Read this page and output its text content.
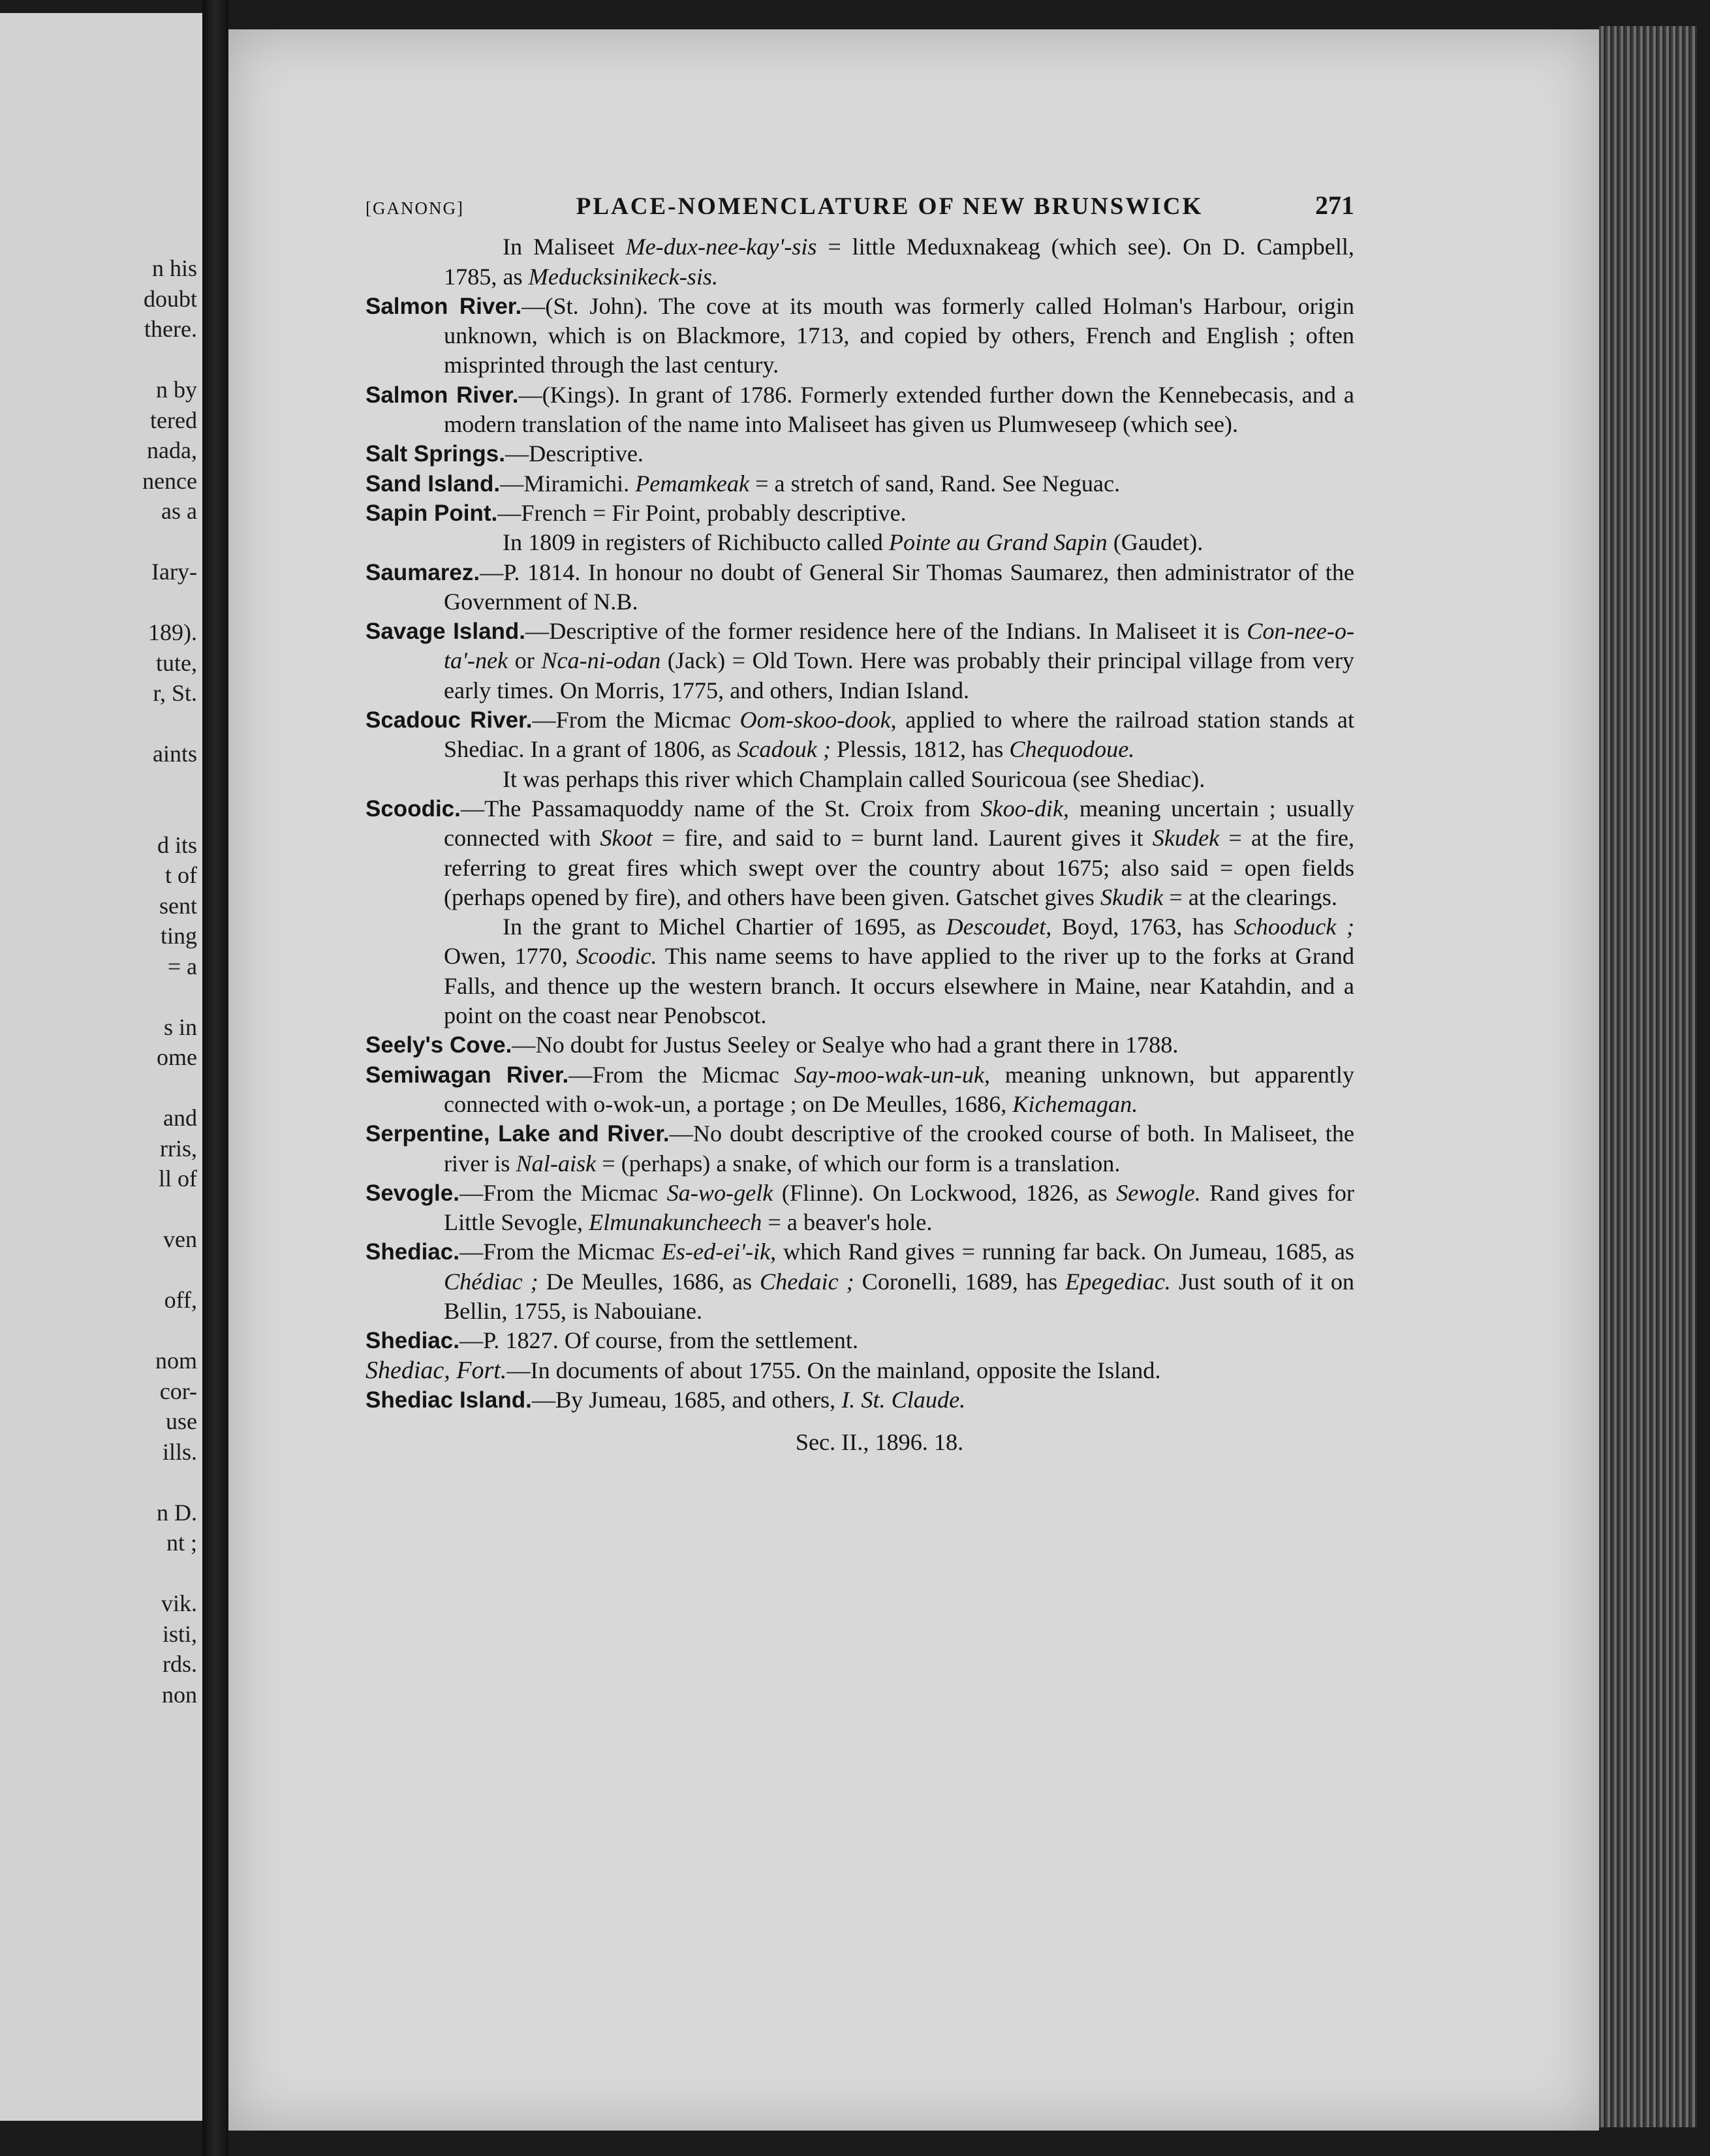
n his
doubt
there.
n by
tered
nada,
nence
as a
Iary-
189).
tute,
r, St.
aints
d its
t of
sent
ting
= a
s in
ome
and
rris,
ll of
ven
off,
nom
cor-
use
ills.
n D.
nt ;
vik.
isti,
rds.
non
[GANONG]	PLACE-NOMENCLATURE OF NEW BRUNSWICK	271

In Maliseet Me-dux-nee-kay'-sis = little Meduxnakeag (which see). On D. Campbell, 1785, as Meducksinikeck-sis.

Salmon River.—(St. John). The cove at its mouth was formerly called Holman's Harbour, origin unknown, which is on Blackmore, 1713, and copied by others, French and English ; often misprinted through the last century.

Salmon River.—(Kings). In grant of 1786. Formerly extended further down the Kennebecasis, and a modern translation of the name into Maliseet has given us Plumweseep (which see).

Salt Springs.—Descriptive.

Sand Island.—Miramichi. Pemamkeak = a stretch of sand, Rand. See Neguac.

Sapin Point.—French = Fir Point, probably descriptive.

In 1809 in registers of Richibucto called Pointe au Grand Sapin (Gaudet).

Saumarez.—P. 1814. In honour no doubt of General Sir Thomas Saumarez, then administrator of the Government of N.B.

Savage Island.—Descriptive of the former residence here of the Indians. In Maliseet it is Con-nee-o-ta'-nek or Nca-ni-odan (Jack) = Old Town. Here was probably their principal village from very early times. On Morris, 1775, and others, Indian Island.

Scadouc River.—From the Micmac Oom-skoo-dook, applied to where the railroad station stands at Shediac. In a grant of 1806, as Scadouk ; Plessis, 1812, has Chequodoue.

It was perhaps this river which Champlain called Souricoua (see Shediac).

Scoodic.—The Passamaquoddy name of the St. Croix from Skoo-dik, meaning uncertain ; usually connected with Skoot = fire, and said to = burnt land. Laurent gives it Skudek = at the fire, referring to great fires which swept over the country about 1675; also said = open fields (perhaps opened by fire), and others have been given. Gatschet gives Skudik = at the clearings.

In the grant to Michel Chartier of 1695, as Descoudet, Boyd, 1763, has Schooduck ; Owen, 1770, Scoodic. This name seems to have applied to the river up to the forks at Grand Falls, and thence up the western branch. It occurs elsewhere in Maine, near Katahdin, and a point on the coast near Penobscot.

Seely's Cove.—No doubt for Justus Seeley or Sealye who had a grant there in 1788.

Semiwagan River.—From the Micmac Say-moo-wak-un-uk, meaning unknown, but apparently connected with o-wok-un, a portage ; on De Meulles, 1686, Kichemagan.

Serpentine, Lake and River.—No doubt descriptive of the crooked course of both. In Maliseet, the river is Nal-aisk = (perhaps) a snake, of which our form is a translation.

Sevogle.—From the Micmac Sa-wo-gelk (Flinne). On Lockwood, 1826, as Sewogle. Rand gives for Little Sevogle, Elmunakuncheech = a beaver's hole.

Shediac.—From the Micmac Es-ed-ei'-ik, which Rand gives = running far back. On Jumeau, 1685, as Chédiac ; De Meulles, 1686, as Chedaic ; Coronelli, 1689, has Epegediac. Just south of it on Bellin, 1755, is Nabouiane.

Shediac.—P. 1827. Of course, from the settlement.

Shediac, Fort.—In documents of about 1755. On the mainland, opposite the Island.

Shediac Island.—By Jumeau, 1685, and others, I. St. Claude.

Sec. II., 1896. 18.
